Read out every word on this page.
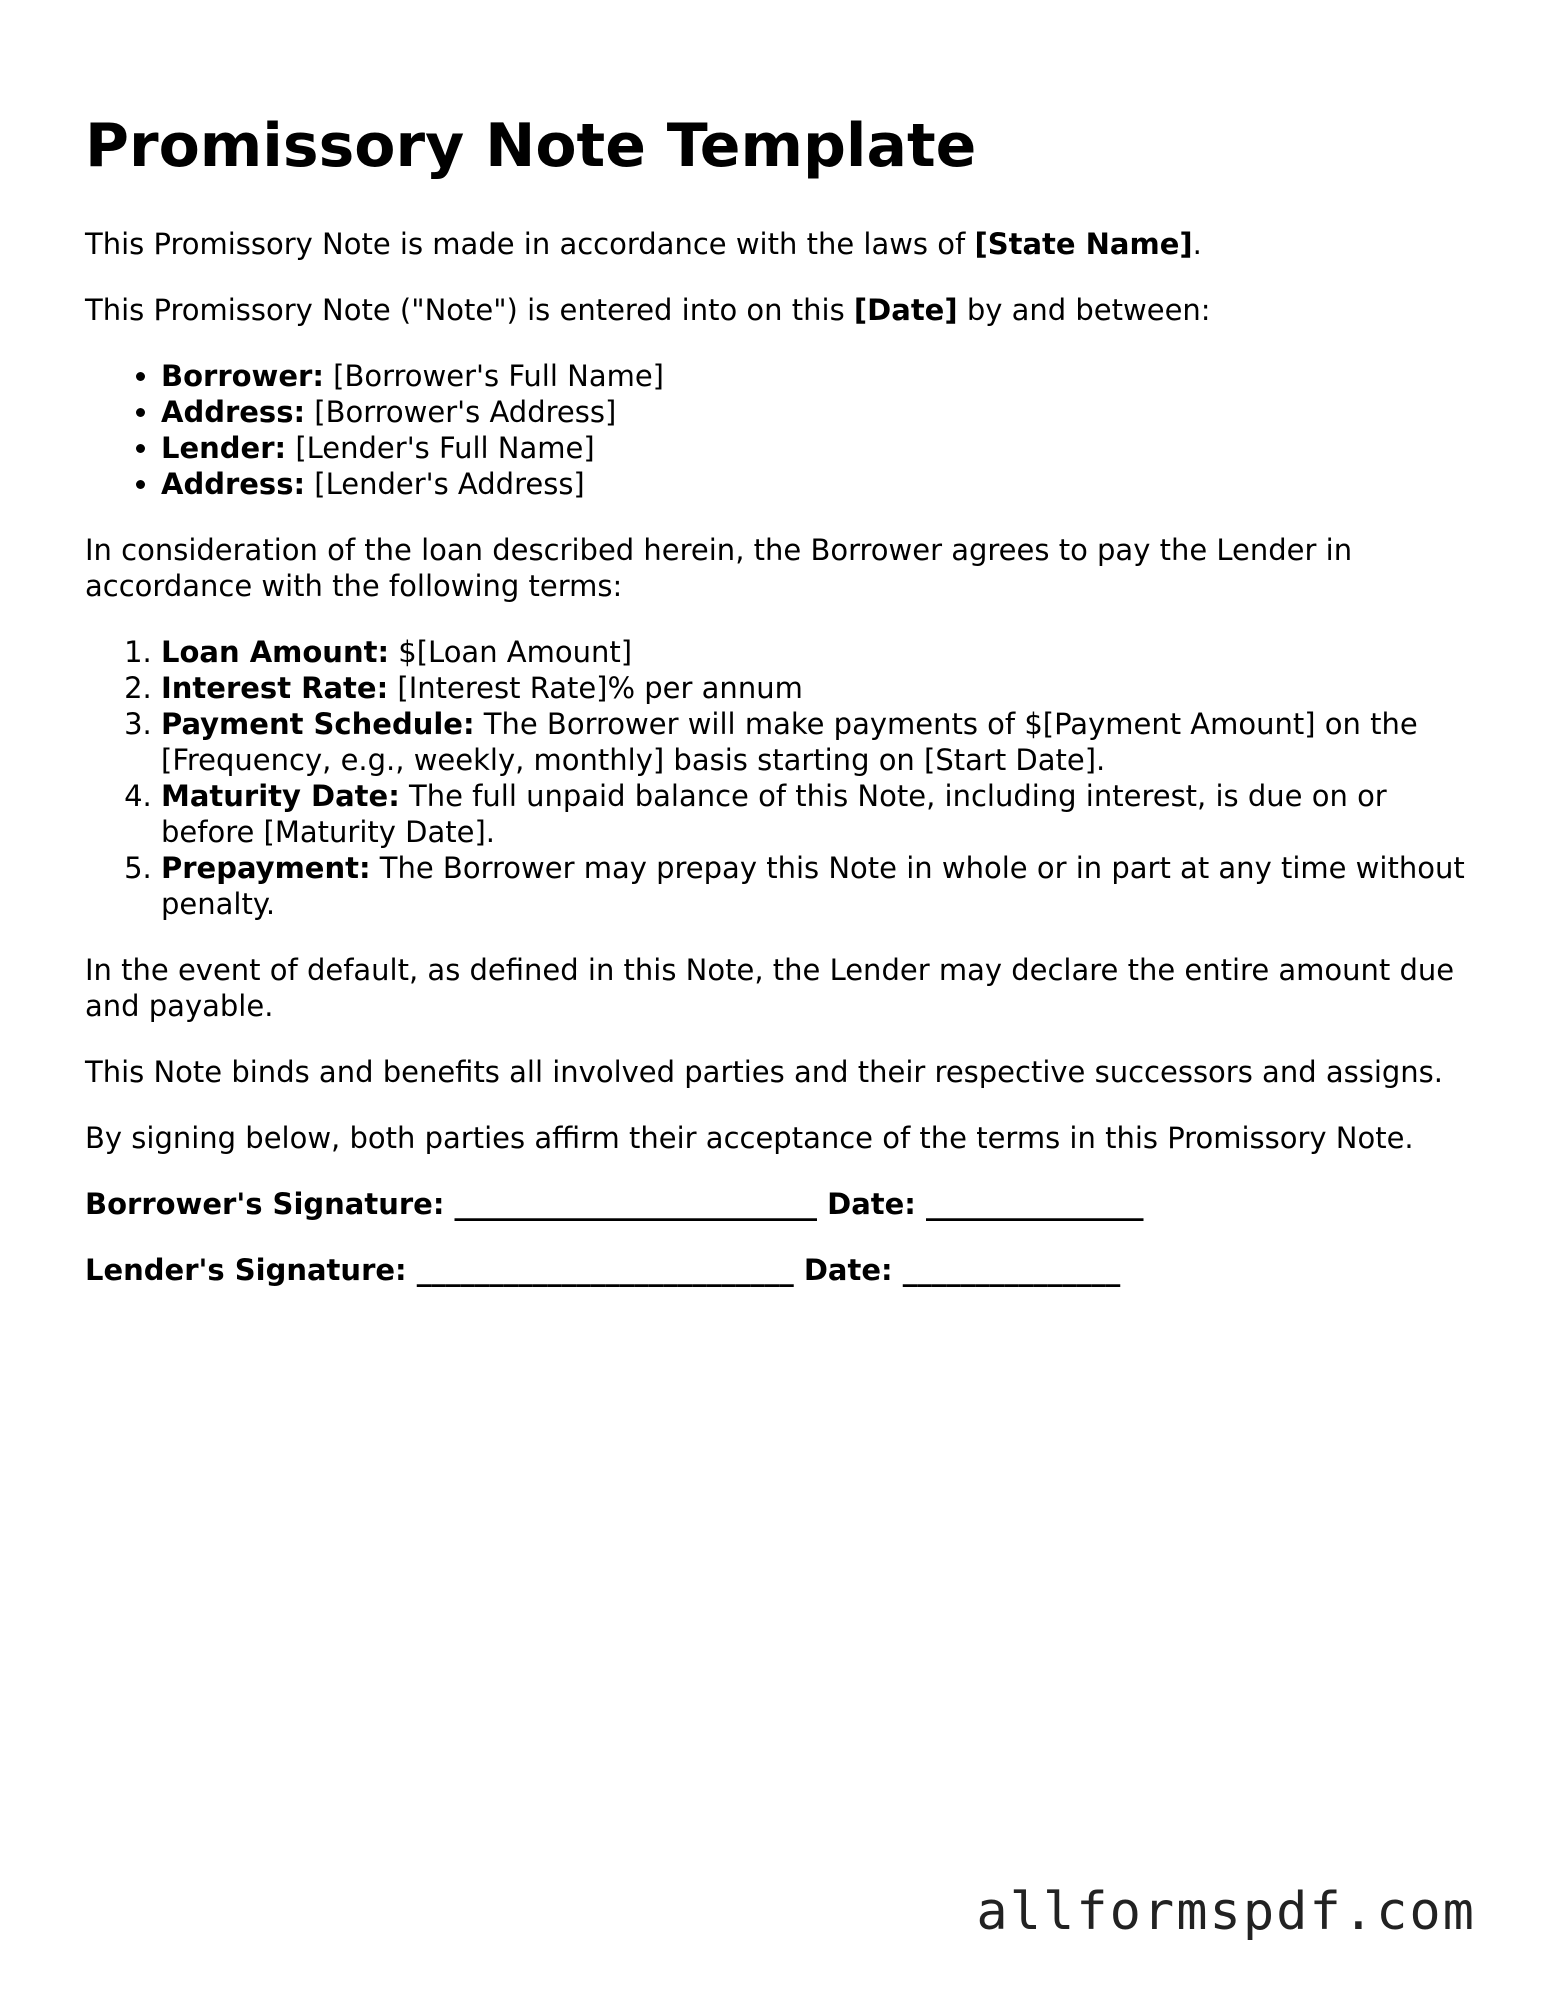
Promissory Note Template

This Promissory Note is made in accordance with the laws of [State Name].

This Promissory Note ("Note") is entered into on this [Date] by and between:

• Borrower: [Borrower's Full Name]
• Address: [Borrower's Address]
• Lender: [Lender's Full Name]
• Address: [Lender's Address]

In consideration of the loan described herein, the Borrower agrees to pay the Lender in accordance with the following terms:

1. Loan Amount: $[Loan Amount]
2. Interest Rate: [Interest Rate]% per annum
3. Payment Schedule: The Borrower will make payments of $[Payment Amount] on the [Frequency, e.g., weekly, monthly] basis starting on [Start Date].
4. Maturity Date: The full unpaid balance of this Note, including interest, is due on or before [Maturity Date].
5. Prepayment: The Borrower may prepay this Note in whole or in part at any time without penalty.

In the event of default, as defined in this Note, the Lender may declare the entire amount due and payable.

This Note binds and benefits all involved parties and their respective successors and assigns.

By signing below, both parties affirm their acceptance of the terms in this Promissory Note.

Borrower's Signature: _________________________ Date: _______________

Lender's Signature: __________________________ Date: _______________

allformspdf.com
